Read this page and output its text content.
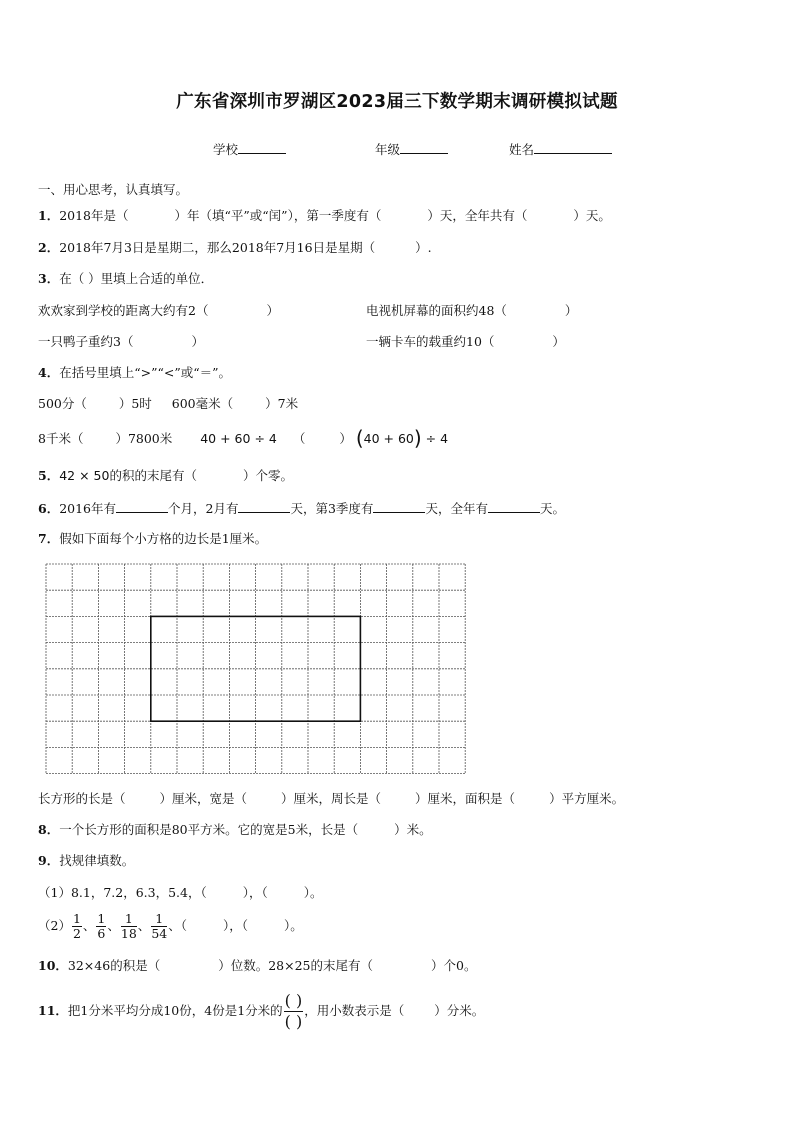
广东省深圳市罗湖区2023届三下数学期末调研模拟试题
学校	年级	姓名
一、用心思考，认真填写。
1．2018年是（	）年（填“平”或“闰”），第一季度有（	）天，全年共有（	）天。
2．2018年7月3日是星期二，那么2018年7月16日是星期（	）.
3．在（ ）里填上合适的单位．
欢欢家到学校的距离大约有2（	）	电视机屏幕的面积约48（	）
一只鸭子重约3（	）	一辆卡车的载重约10（	）
4．在括号里填上“>”“<”或“＝”。
500分（	）5时 600毫米（	）7米
8千米（	）7800米 40 + 60 ÷ 4 （	） (40 + 60) ÷ 4
5．42 × 50的积的末尾有（	）个零。
6．2016年有	个月，2月有	天，第3季度有	天，全年有	天。
7．假如下面每个小方格的边长是1厘米。
长方形的长是（	）厘米，宽是（	）厘米，周长是（	）厘米，面积是（	）平方厘米。
8．一个长方形的面积是80平方米。它的宽是5米，长是（	）米。
9．找规律填数。
（1）8.1，7.2，6.3，5.4，（	），（	）。
$(2) \frac{1}{2}$ 、 $\frac{1}{6}$ 、 $\frac{1}{18}$ 、 $\frac{1}{54}$ 、（	），（	）。
10．32×46的积是（	）位数。28×25的末尾有（	）个0。
11．把1分米平均分成10份，4份是1分米的 $\frac{( )}{( )}$ ，用小数表示是（ ）分米。
